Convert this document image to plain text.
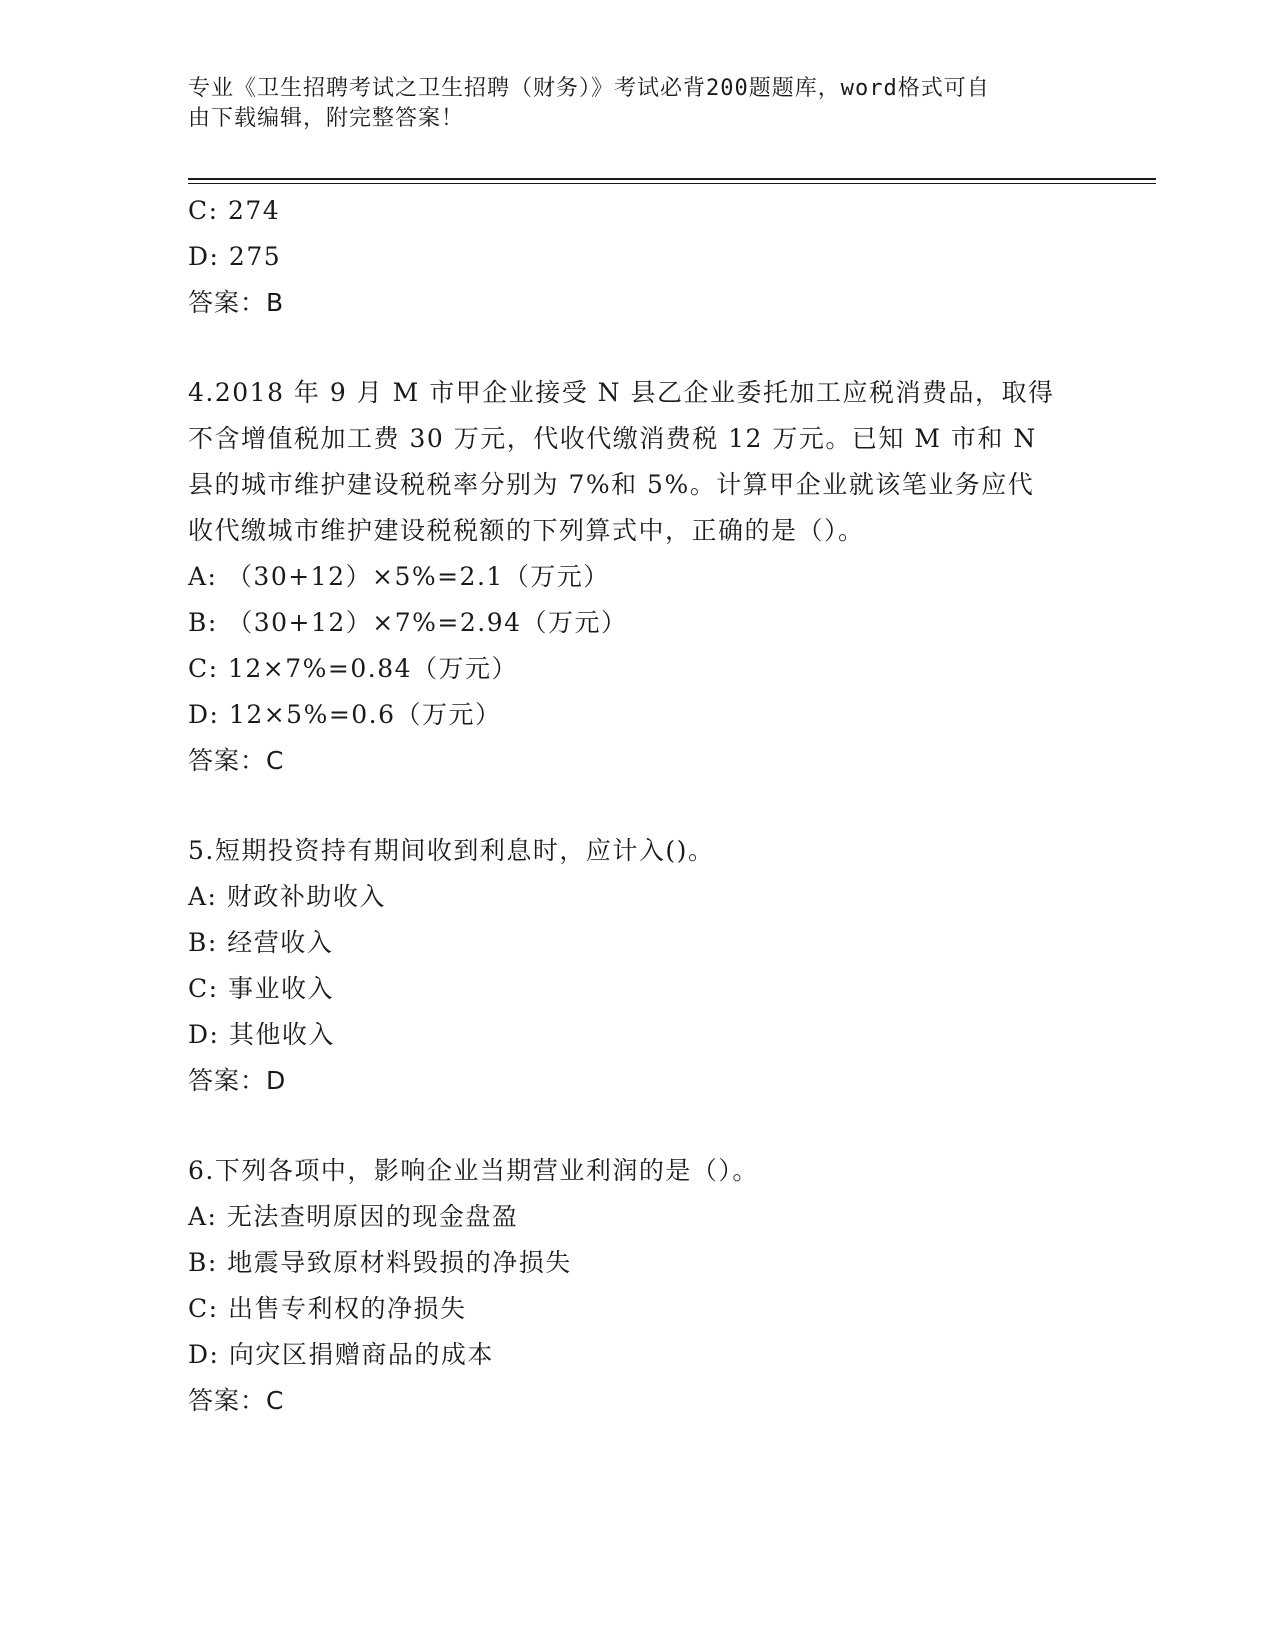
专业《卫生招聘考试之卫生招聘（财务）》考试必背200题题库，word格式可自
由下载编辑，附完整答案！
C: 274
D: 275
答案：B
4.2018 年 9 月 M 市甲企业接受 N 县乙企业委托加工应税消费品，取得
不含增值税加工费 30 万元，代收代缴消费税 12 万元。已知 M 市和 N
县的城市维护建设税税率分别为 7%和 5%。计算甲企业就该笔业务应代
收代缴城市维护建设税税额的下列算式中，正确的是（）。
A: （30+12）×5%=2.1（万元）
B: （30+12）×7%=2.94（万元）
C: 12×7%=0.84（万元）
D: 12×5%=0.6（万元）
答案：C
5.短期投资持有期间收到利息时，应计入()。
A: 财政补助收入
B: 经营收入
C: 事业收入
D: 其他收入
答案：D
6.下列各项中，影响企业当期营业利润的是（）。
A: 无法查明原因的现金盘盈
B: 地震导致原材料毁损的净损失
C: 出售专利权的净损失
D: 向灾区捐赠商品的成本
答案：C
